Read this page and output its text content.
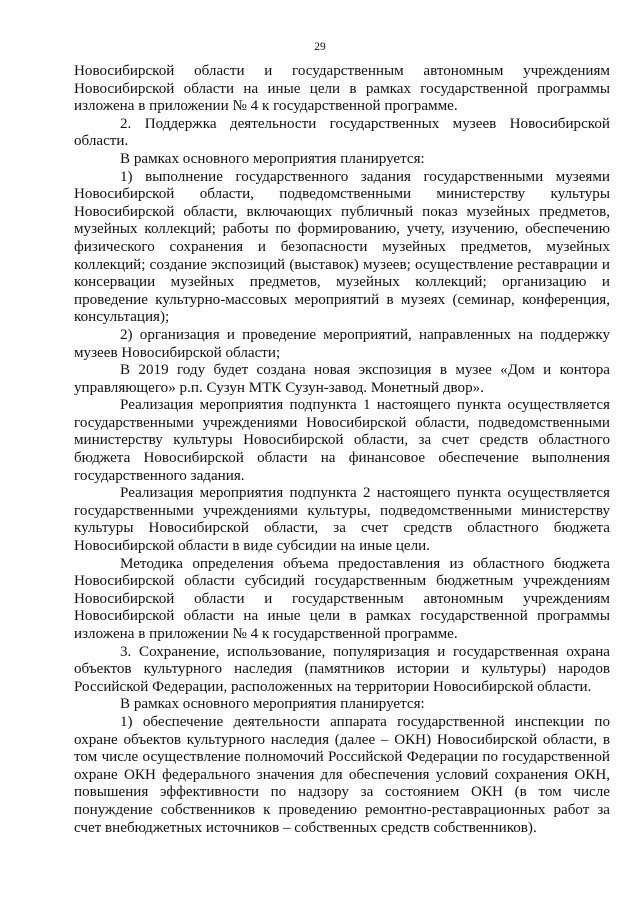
29

Новосибирской области и государственным автономным учреждениям Новосибирской области на иные цели в рамках государственной программы изложена в приложении № 4 к государственной программе.

2. Поддержка деятельности государственных музеев Новосибирской области.

В рамках основного мероприятия планируется:

1) выполнение государственного задания государственными музеями Новосибирской области, подведомственными министерству культуры Новосибирской области, включающих публичный показ музейных предметов, музейных коллекций; работы по формированию, учету, изучению, обеспечению физического сохранения и безопасности музейных предметов, музейных коллекций; создание экспозиций (выставок) музеев; осуществление реставрации и консервации музейных предметов, музейных коллекций; организацию и проведение культурно-массовых мероприятий в музеях (семинар, конференция, консультация);

2) организация и проведение мероприятий, направленных на поддержку музеев Новосибирской области;

В 2019 году будет создана новая экспозиция в музее «Дом и контора управляющего» р.п. Сузун МТК Сузун-завод. Монетный двор».

Реализация мероприятия подпункта 1 настоящего пункта осуществляется государственными учреждениями Новосибирской области, подведомственными министерству культуры Новосибирской области, за счет средств областного бюджета Новосибирской области на финансовое обеспечение выполнения государственного задания.

Реализация мероприятия подпункта 2 настоящего пункта осуществляется государственными учреждениями культуры, подведомственными министерству культуры Новосибирской области, за счет средств областного бюджета Новосибирской области в виде субсидии на иные цели.

Методика определения объема предоставления из областного бюджета Новосибирской области субсидий государственным бюджетным учреждениям Новосибирской области и государственным автономным учреждениям Новосибирской области на иные цели в рамках государственной программы изложена в приложении № 4 к государственной программе.

3. Сохранение, использование, популяризация и государственная охрана объектов культурного наследия (памятников истории и культуры) народов Российской Федерации, расположенных на территории Новосибирской области.

В рамках основного мероприятия планируется:

1) обеспечение деятельности аппарата государственной инспекции по охране объектов культурного наследия (далее – ОКН) Новосибирской области, в том числе осуществление полномочий Российской Федерации по государственной охране ОКН федерального значения для обеспечения условий сохранения ОКН, повышения эффективности по надзору за состоянием ОКН (в том числе понуждение собственников к проведению ремонтно-реставрационных работ за счет внебюджетных источников – собственных средств собственников).
